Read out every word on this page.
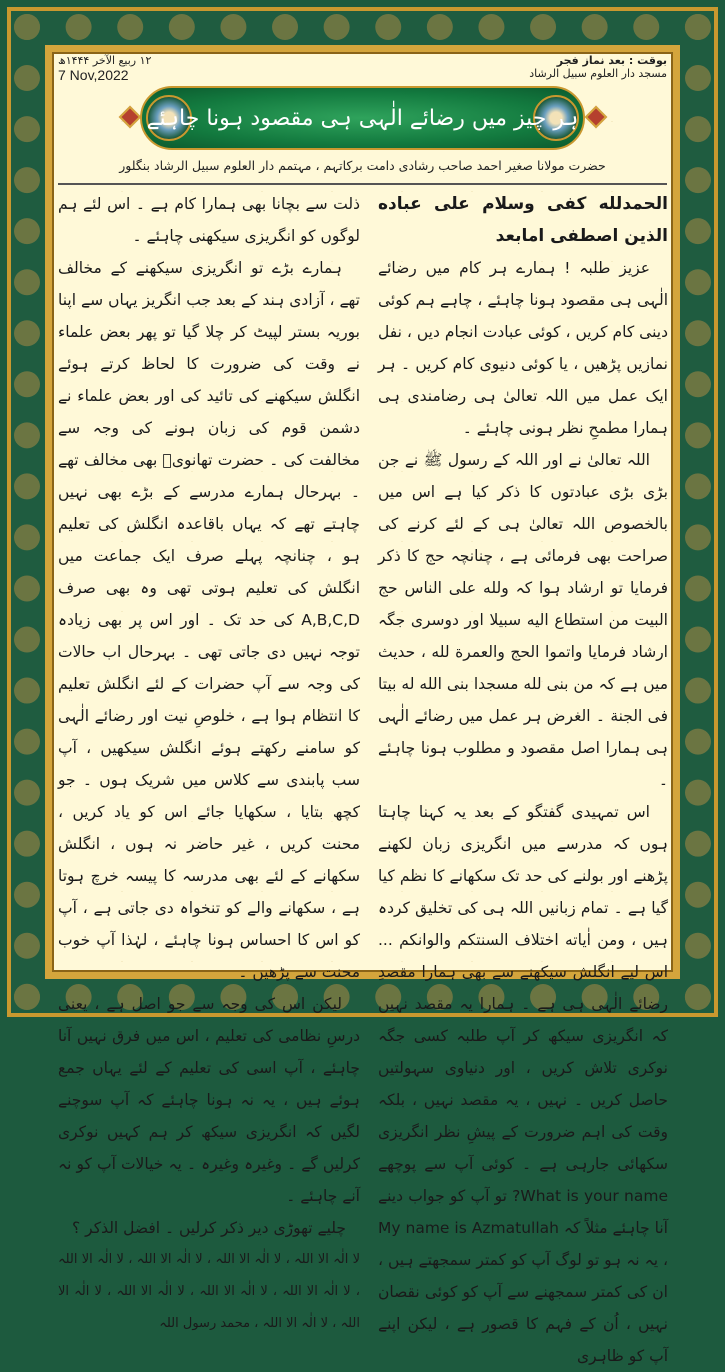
ہر چیز میں رضائے الٰہی ہی مقصود ہونا چاہئے
۱۲ ربیع الآخر ۱۴۴۴ھ
7 Nov,2022
بوقت : بعد نماز فجر
مسجد دار العلوم سبیل الرشاد
حضرت مولانا صغیر احمد صاحب رشادی دامت برکاتہم ، مہتمم دار العلوم سبیل الرشاد بنگلور

الحمدلله کفی وسلام علی عباده الذین اصطفی امابعد

عزیز طلبہ ! ہمارے ہر کام میں رضائے الٰہی ہی مقصود ہونا چاہئے ، چاہے ہم کوئی دینی کام کریں ، کوئی عبادت انجام دیں ، نفل نمازیں پڑھیں ، یا کوئی دنیوی کام کریں ۔ ہر ایک عمل میں اللہ تعالیٰ ہی رضامندی ہی ہمارا مطمحِ نظر ہونی چاہئے ۔

اللہ تعالیٰ نے اور اللہ کے رسول ﷺ نے جن بڑی بڑی عبادتوں کا ذکر کیا ہے اس میں بالخصوص اللہ تعالیٰ ہی کے لئے کرنے کی صراحت بھی فرمائی ہے ، چنانچہ حج کا ذکر فرمایا تو ارشاد ہوا کہ ولله على الناس حج البيت من استطاع اليه سبيلا اور دوسری جگہ ارشاد فرمایا واتموا الحج والعمرة لله ، حدیث میں ہے کہ من بنى لله مسجدا بنى الله له بيتا فى الجنة ۔ الغرض ہر عمل میں رضائے الٰہی ہی ہمارا اصل مقصود و مطلوب ہونا چاہئے ۔

اس تمہیدی گفتگو کے بعد یہ کہنا چاہتا ہوں کہ مدرسے میں انگریزی زبان لکھنے پڑھنے اور بولنے کی حد تک سکھانے کا نظم کیا گیا ہے ۔ تمام زبانیں اللہ ہی کی تخلیق کردہ ہیں ، ومن اٰياته اختلاف السنتكم والوانكم ... اس لیے انگلش سیکھنے سے بھی ہمارا مقصدِ رضائے الٰہی ہی ہے ۔ ہمارا یہ مقصد نہیں کہ انگریزی سیکھ کر آپ طلبہ کسی جگہ نوکری تلاش کریں ، اور دنیاوی سہولتیں حاصل کریں ۔ نہیں ، یہ مقصد نہیں ، بلکہ وقت کی اہم ضرورت کے پیشِ نظر انگریزی سکھائی جارہی ہے ۔ کوئی آپ سے پوچھے What is your name? تو آپ کو جواب دینے آنا چاہئے مثلاً کہ My name is Azmatullah ، یہ نہ ہو تو لوگ آپ کو کمتر سمجھتے ہیں ، ان کی کمتر سمجھنے سے آپ کو کوئی نقصان نہیں ، اُن کے فہم کا قصور ہے ، لیکن اپنے آپ کو ظاہری

ذلت سے بچانا بھی ہمارا کام ہے ۔ اس لئے ہم لوگوں کو انگریزی سیکھنی چاہئے ۔

ہمارے بڑے تو انگریزی سیکھنے کے مخالف تھے ، آزادی ہند کے بعد جب انگریز یہاں سے اپنا بوریہ بستر لپیٹ کر چلا گیا تو پھر بعض علماء نے وقت کی ضرورت کا لحاظ کرتے ہوئے انگلش سیکھنے کی تائید کی اور بعض علماء نے دشمن قوم کی زبان ہونے کی وجہ سے مخالفت کی ۔ حضرت تھانویؒ بھی مخالف تھے ۔ بہرحال ہمارے مدرسے کے بڑے بھی نہیں چاہتے تھے کہ یہاں باقاعدہ انگلش کی تعلیم ہو ، چنانچہ پہلے صرف ایک جماعت میں انگلش کی تعلیم ہوتی تھی وہ بھی صرف A,B,C,D کی حد تک ۔ اور اس پر بھی زیادہ توجہ نہیں دی جاتی تھی ۔ بہرحال اب حالات کی وجہ سے آپ حضرات کے لئے انگلش تعلیم کا انتظام ہوا ہے ، خلوصِ نیت اور رضائے الٰہی کو سامنے رکھتے ہوئے انگلش سیکھیں ، آپ سب پابندی سے کلاس میں شریک ہوں ۔ جو کچھ بتایا ، سکھایا جائے اس کو یاد کریں ، محنت کریں ، غیر حاضر نہ ہوں ، انگلش سکھانے کے لئے بھی مدرسہ کا پیسہ خرچ ہوتا ہے ، سکھانے والے کو تنخواہ دی جاتی ہے ، آپ کو اس کا احساس ہونا چاہئے ، لہٰذا آپ خوب محنت سے پڑھیں ۔

لیکن اس کی وجہ سے جو اصل ہے ، یعنی درسِ نظامی کی تعلیم ، اس میں فرق نہیں آنا چاہئے ، آپ اسی کی تعلیم کے لئے یہاں جمع ہوئے ہیں ، یہ نہ ہونا چاہئے کہ آپ سوچنے لگیں کہ انگریزی سیکھ کر ہم کہیں نوکری کرلیں گے ۔ وغیرہ وغیرہ ۔ یہ خیالات آپ کو نہ آنے چاہئے ۔

چلیے تھوڑی دیر ذکر کرلیں ۔ افضل الذکر ؟

لا الٰہ الا اللہ ، لا الٰہ الا اللہ ، لا الٰہ الا اللہ ، لا الٰہ الا اللہ ، لا الٰہ الا اللہ ، لا الٰہ الا اللہ ، لا الٰہ الا اللہ ، لا الٰہ الا اللہ ، لا الٰہ الا اللہ ، محمد رسول اللہ
